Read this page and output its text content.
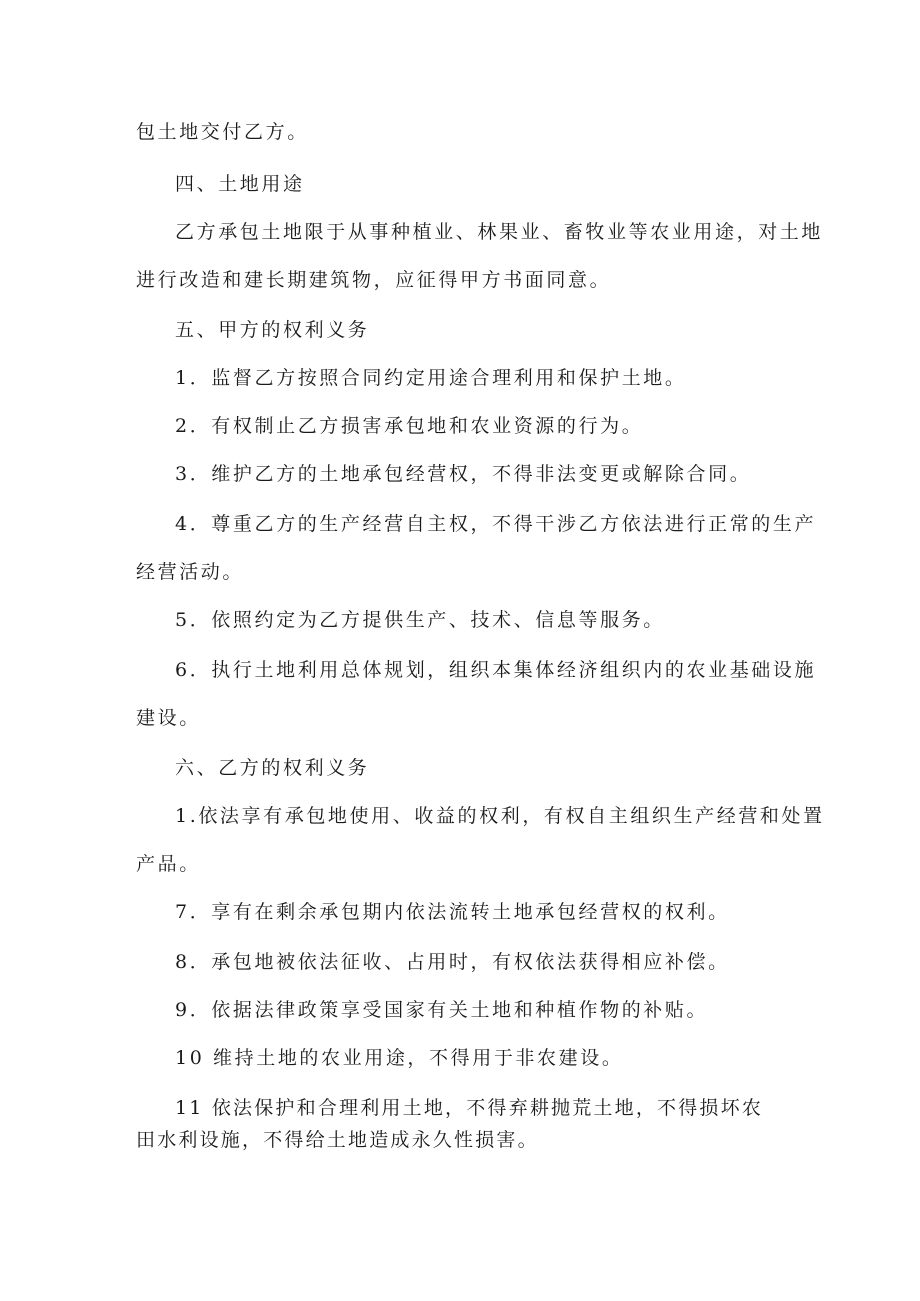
包土地交付乙方。
四、土地用途
乙方承包土地限于从事种植业、林果业、畜牧业等农业用途，对土地
进行改造和建长期建筑物，应征得甲方书面同意。
五、甲方的权利义务
1．监督乙方按照合同约定用途合理利用和保护土地。
2．有权制止乙方损害承包地和农业资源的行为。
3．维护乙方的土地承包经营权，不得非法变更或解除合同。
4．尊重乙方的生产经营自主权，不得干涉乙方依法进行正常的生产
经营活动。
5．依照约定为乙方提供生产、技术、信息等服务。
6．执行土地利用总体规划，组织本集体经济组织内的农业基础设施
建设。
六、乙方的权利义务
1.依法享有承包地使用、收益的权利，有权自主组织生产经营和处置
产品。
7．享有在剩余承包期内依法流转土地承包经营权的权利。
8．承包地被依法征收、占用时，有权依法获得相应补偿。
9．依据法律政策享受国家有关土地和种植作物的补贴。
10 维持土地的农业用途，不得用于非农建设。
11 依法保护和合理利用土地，不得弃耕抛荒土地，不得损坏农
田水利设施，不得给土地造成永久性损害。
